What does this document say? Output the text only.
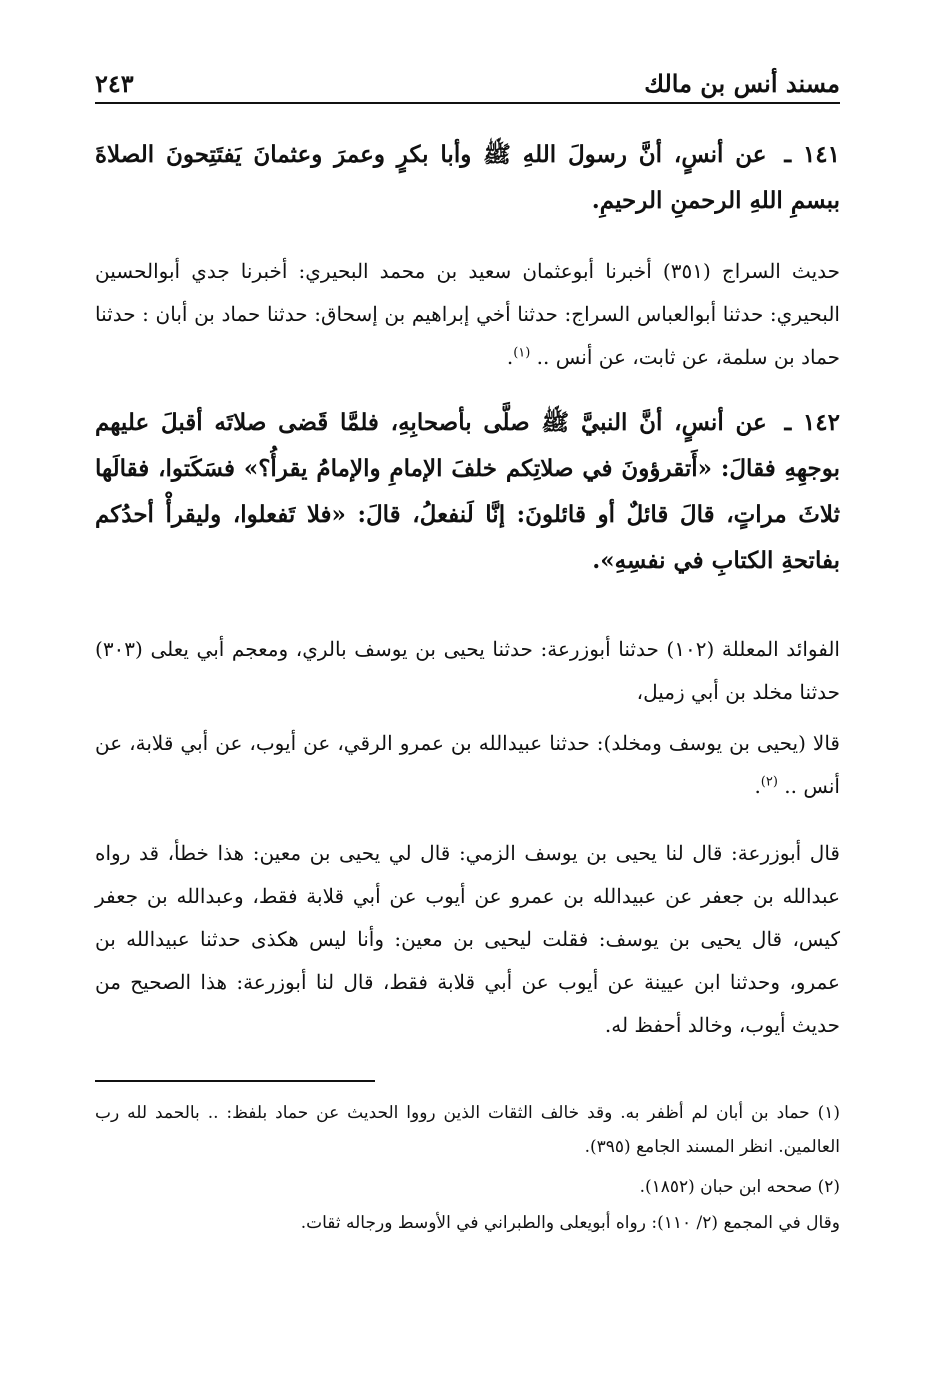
مسند أنس بن مالك
٢٤٣
١٤١ ـ عن أنسٍ، أنَّ رسولَ اللهِ ﷺ وأبا بكرٍ وعمرَ وعثمانَ يَفتَتِحونَ الصلاةَ ببسمِ اللهِ الرحمنِ الرحيمِ.
حديث السراج (٣٥١) أخبرنا أبوعثمان سعيد بن محمد البحيري: أخبرنا جدي أبوالحسين البحيري: حدثنا أبوالعباس السراج: حدثنا أخي إبراهيم بن إسحاق: حدثنا حماد بن أبان : حدثنا حماد بن سلمة، عن ثابت، عن أنس .. $^{(١)}$.
١٤٢ ـ عن أنسٍ، أنَّ النبيَّ ﷺ صلَّى بأصحابِهِ، فلمَّا قَضى صلاتَه أقبلَ عليهم بوجهِهِ فقالَ: «أَتقرؤونَ في صلاتِكم خلفَ الإمامِ والإمامُ يقرأُ؟» فسَكَتوا، فقالَها ثلاثَ مراتٍ، قالَ قائلٌ أو قائلونَ: إنَّا لَنفعلُ، قالَ: «فلا تَفعلوا، وليقرأْ أحدُكم بفاتحةِ الكتابِ في نفسِهِ».
الفوائد المعللة (١٠٢) حدثنا أبوزرعة: حدثنا يحيى بن يوسف بالري، ومعجم أبي يعلى (٣٠٣) حدثنا مخلد بن أبي زميل،
قالا (يحيى بن يوسف ومخلد): حدثنا عبيدالله بن عمرو الرقي، عن أيوب، عن أبي قلابة، عن أنس .. $^{(٢)}$.
قال أبوزرعة: قال لنا يحيى بن يوسف الزمي: قال لي يحيى بن معين: هذا خطأ، قد رواه عبدالله بن جعفر عن عبيدالله بن عمرو عن أيوب عن أبي قلابة فقط، وعبدالله بن جعفر كيس، قال يحيى بن يوسف: فقلت ليحيى بن معين: وأنا ليس هكذى حدثنا عبيدالله بن عمرو، وحدثنا ابن عيينة عن أيوب عن أبي قلابة فقط، قال لنا أبوزرعة: هذا الصحيح من حديث أيوب، وخالد أحفظ له.
(١) حماد بن أبان لم أظفر به. وقد خالف الثقات الذين رووا الحديث عن حماد بلفظ: .. بالحمد لله رب العالمين. انظر المسند الجامع (٣٩٥).
(٢) صححه ابن حبان (١٨٥٢).
وقال في المجمع (٢/ ١١٠): رواه أبويعلى والطبراني في الأوسط ورجاله ثقات.
